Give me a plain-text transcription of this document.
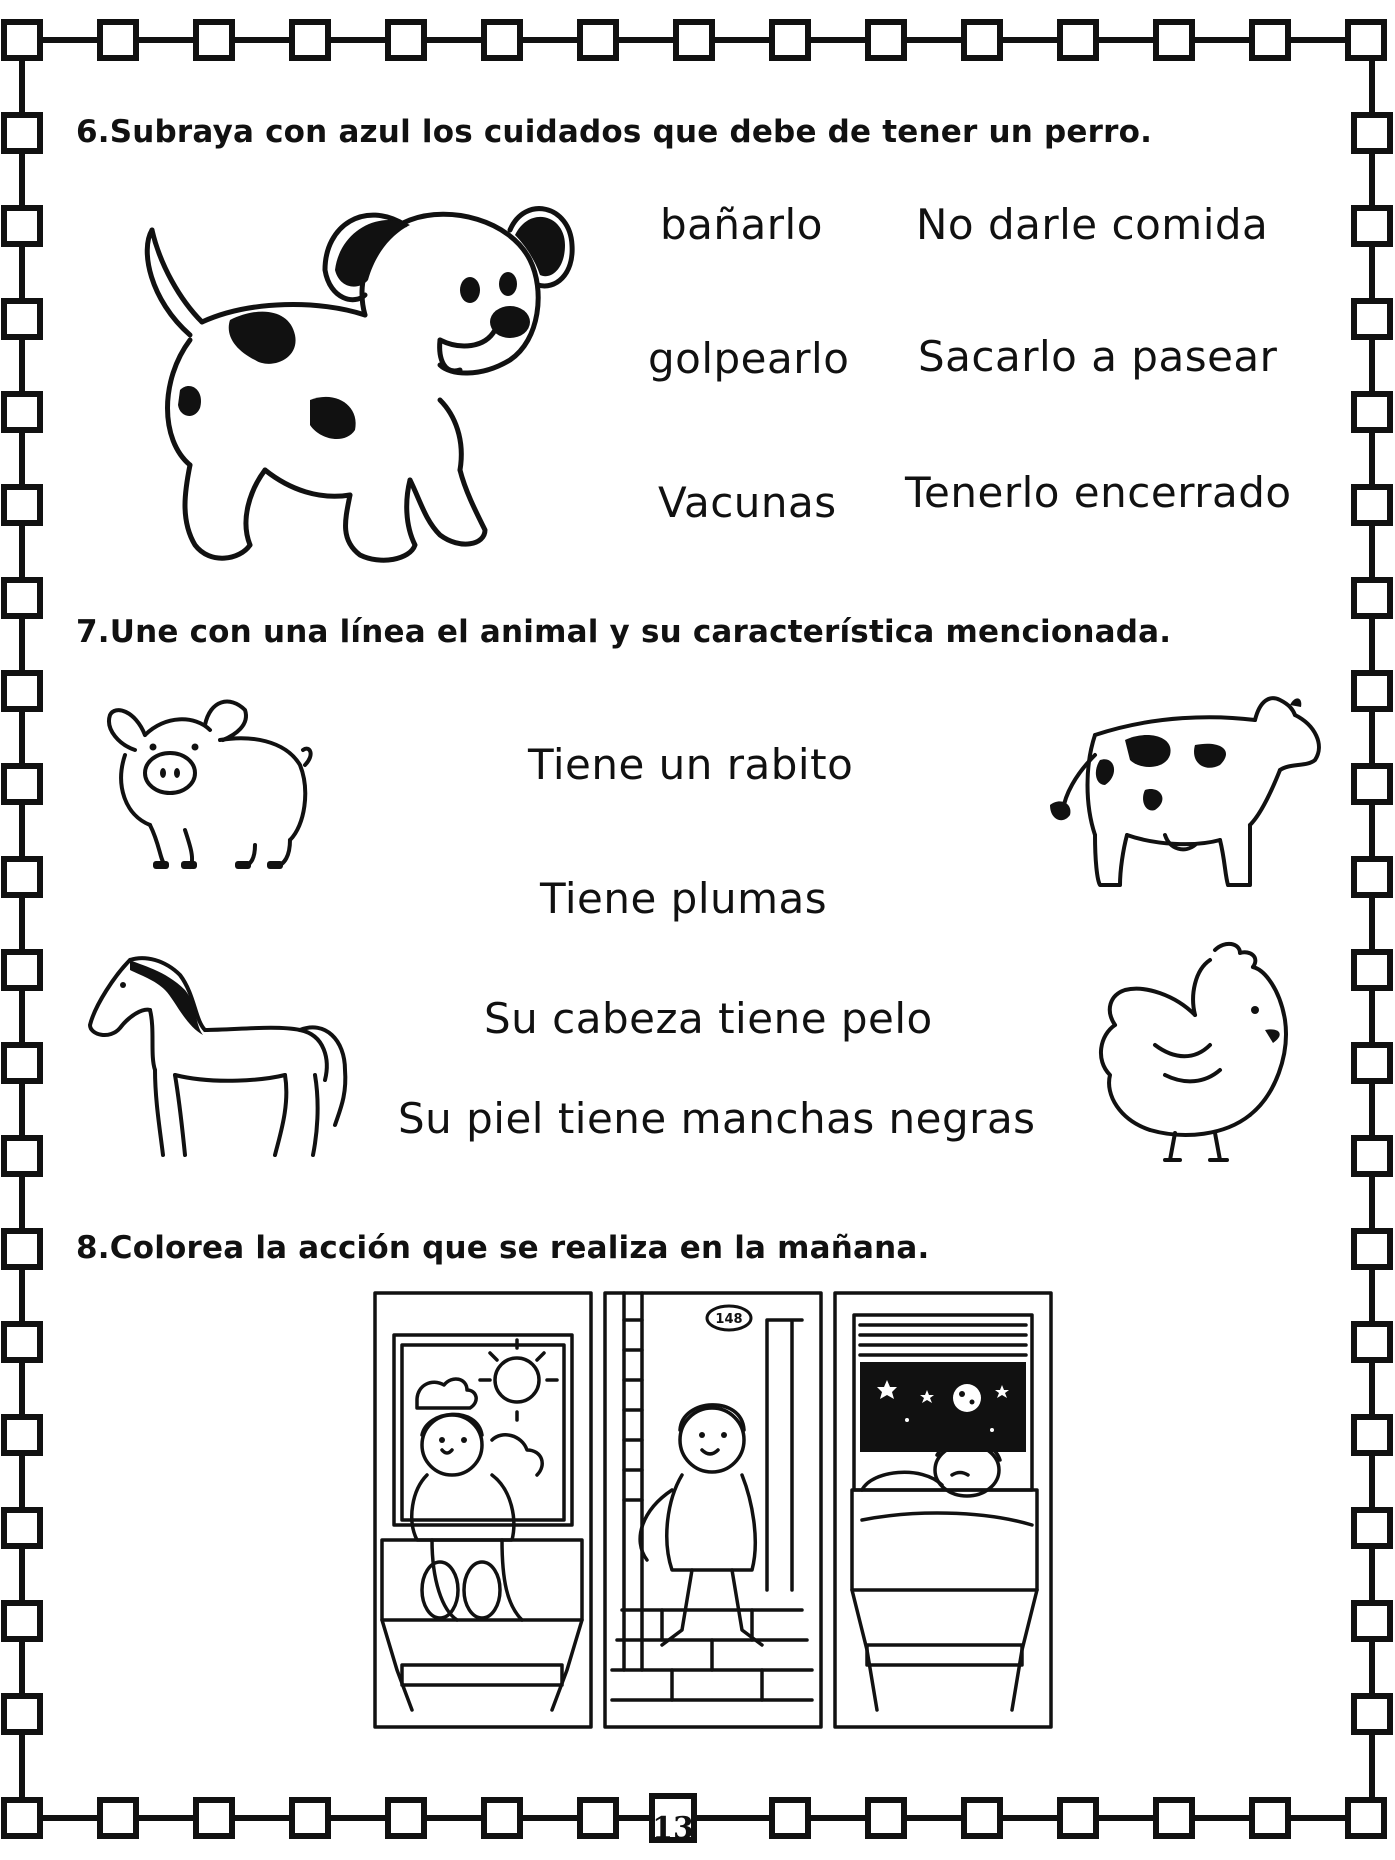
6.Subraya con azul los cuidados que debe de tener un perro.
bañarlo No darle comida
golpearlo Sacarlo a pasear
Vacunas Tenerlo encerrado
7.Une con una línea el animal y su característica mencionada.
Tiene un rabito
Tiene plumas
Su cabeza tiene pelo
Su piel tiene manchas negras
8.Colorea la acción que se realiza en la mañana.
148
13
